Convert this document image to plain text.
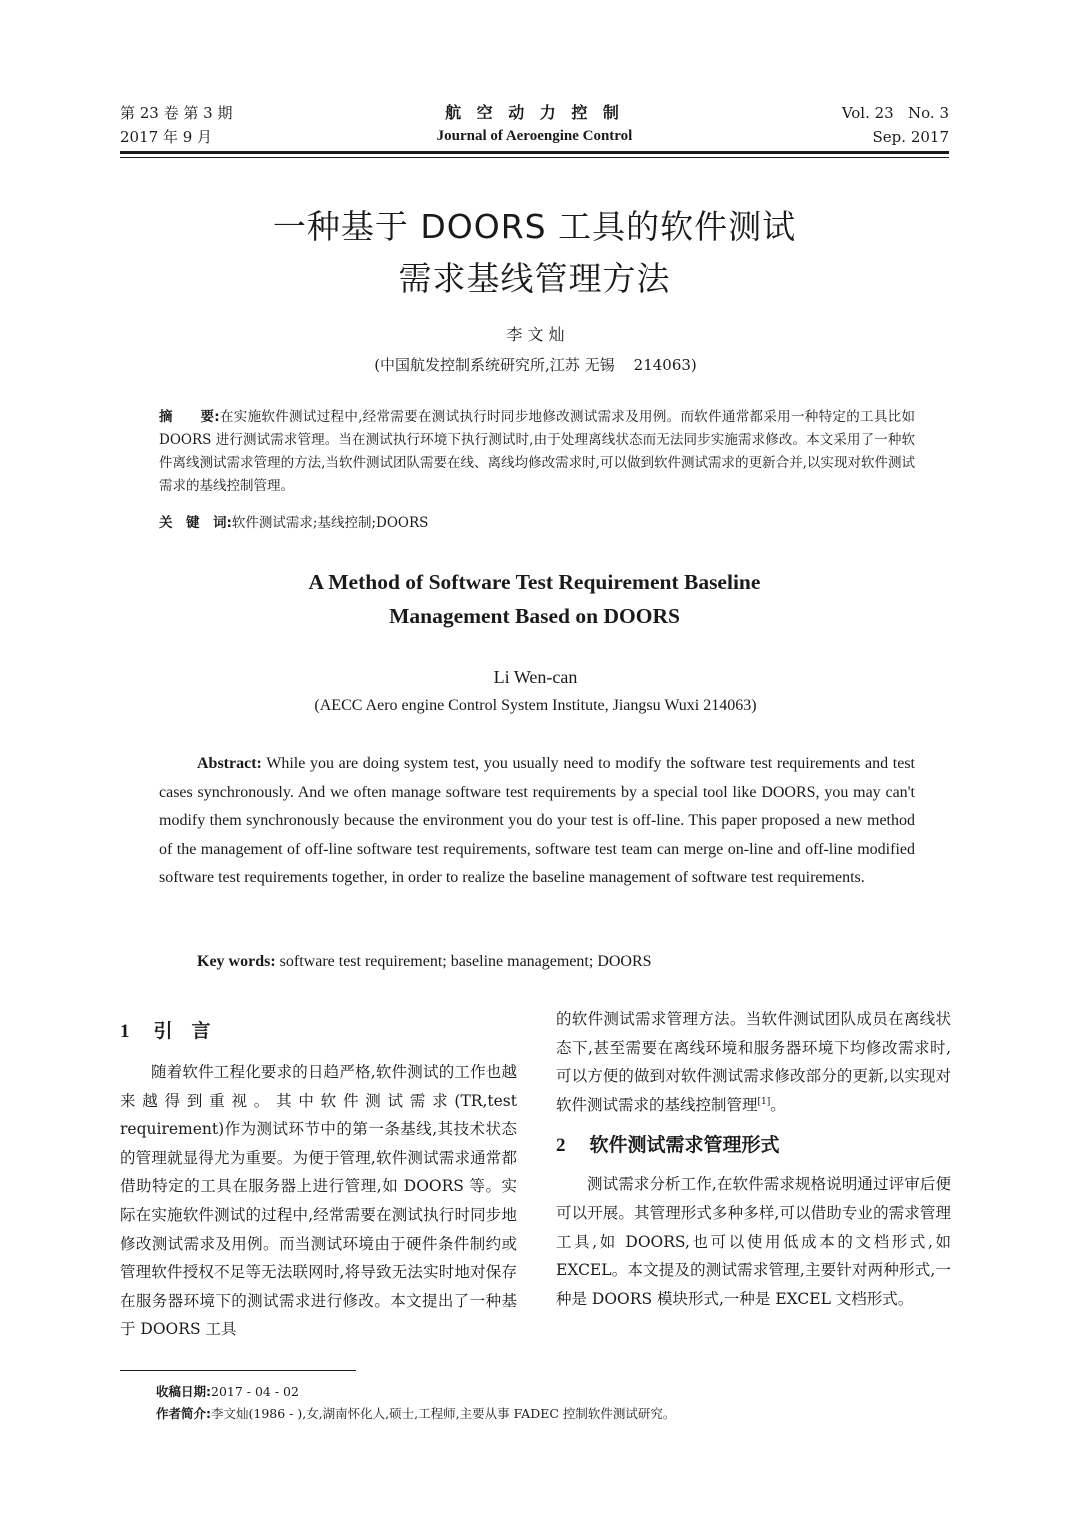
第 23 卷 第 3 期
2017 年 9 月
航 空 动 力 控 制
Journal of Aeroengine Control
Vol. 23   No. 3
Sep. 2017
一种基于 DOORS 工具的软件测试
需求基线管理方法
李 文 灿
(中国航发控制系统研究所,江苏 无锡    214063)
摘　　要:在实施软件测试过程中,经常需要在测试执行时同步地修改测试需求及用例。而软件通常都采用一种特定的工具比如 DOORS 进行测试需求管理。当在测试执行环境下执行测试时,由于处理离线状态而无法同步实施需求修改。本文采用了一种软件离线测试需求管理的方法,当软件测试团队需要在线、离线均修改需求时,可以做到软件测试需求的更新合并,以实现对软件测试需求的基线控制管理。
关　键　词:软件测试需求;基线控制;DOORS
A Method of Software Test Requirement Baseline
Management Based on DOORS
Li Wen-can
(AECC Aero engine Control System Institute, Jiangsu Wuxi 214063)
Abstract: While you are doing system test, you usually need to modify the software test requirements and test cases synchronously. And we often manage software test requirements by a special tool like DOORS, you may can't modify them synchronously because the environment you do your test is off-line. This paper proposed a new method of the management of off-line software test requirements, software test team can merge on-line and off-line modified software test requirements together, in order to realize the baseline management of software test requirements.
Key words: software test requirement; baseline management; DOORS
1 引　言

随着软件工程化要求的日趋严格,软件测试的工作也越来越得到重视。其中软件测试需求(TR,test requirement)作为测试环节中的第一条基线,其技术状态的管理就显得尤为重要。为便于管理,软件测试需求通常都借助特定的工具在服务器上进行管理,如 DOORS 等。实际在实施软件测试的过程中,经常需要在测试执行时同步地修改测试需求及用例。而当测试环境由于硬件条件制约或管理软件授权不足等无法联网时,将导致无法实时地对保存在服务器环境下的测试需求进行修改。本文提出了一种基于 DOORS 工具

的软件测试需求管理方法。当软件测试团队成员在离线状态下,甚至需要在离线环境和服务器环境下均修改需求时,可以方便的做到对软件测试需求修改部分的更新,以实现对软件测试需求的基线控制管理[1]。

2 软件测试需求管理形式

测试需求分析工作,在软件需求规格说明通过评审后便可以开展。其管理形式多种多样,可以借助专业的需求管理工具,如 DOORS,也可以使用低成本的文档形式,如 EXCEL。本文提及的测试需求管理,主要针对两种形式,一种是 DOORS 模块形式,一种是 EXCEL 文档形式。

收稿日期:2017 - 04 - 02
作者简介:李文灿(1986 - ),女,湖南怀化人,硕士,工程师,主要从事 FADEC 控制软件测试研究。
